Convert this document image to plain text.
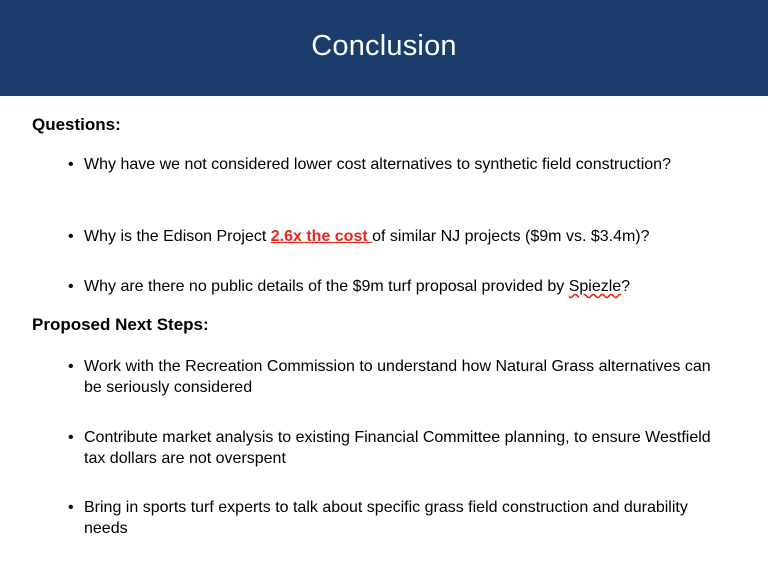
Conclusion
Questions:
• Why have we not considered lower cost alternatives to synthetic field construction?
• Why is the Edison Project 2.6x the cost of similar NJ projects ($9m vs. $3.4m)?
• Why are there no public details of the $9m turf proposal provided by Spiezle?
Proposed Next Steps:
• Work with the Recreation Commission to understand how Natural Grass alternatives can be seriously considered
• Contribute market analysis to existing Financial Committee planning, to ensure Westfield tax dollars are not overspent
• Bring in sports turf experts to talk about specific grass field construction and durability needs
